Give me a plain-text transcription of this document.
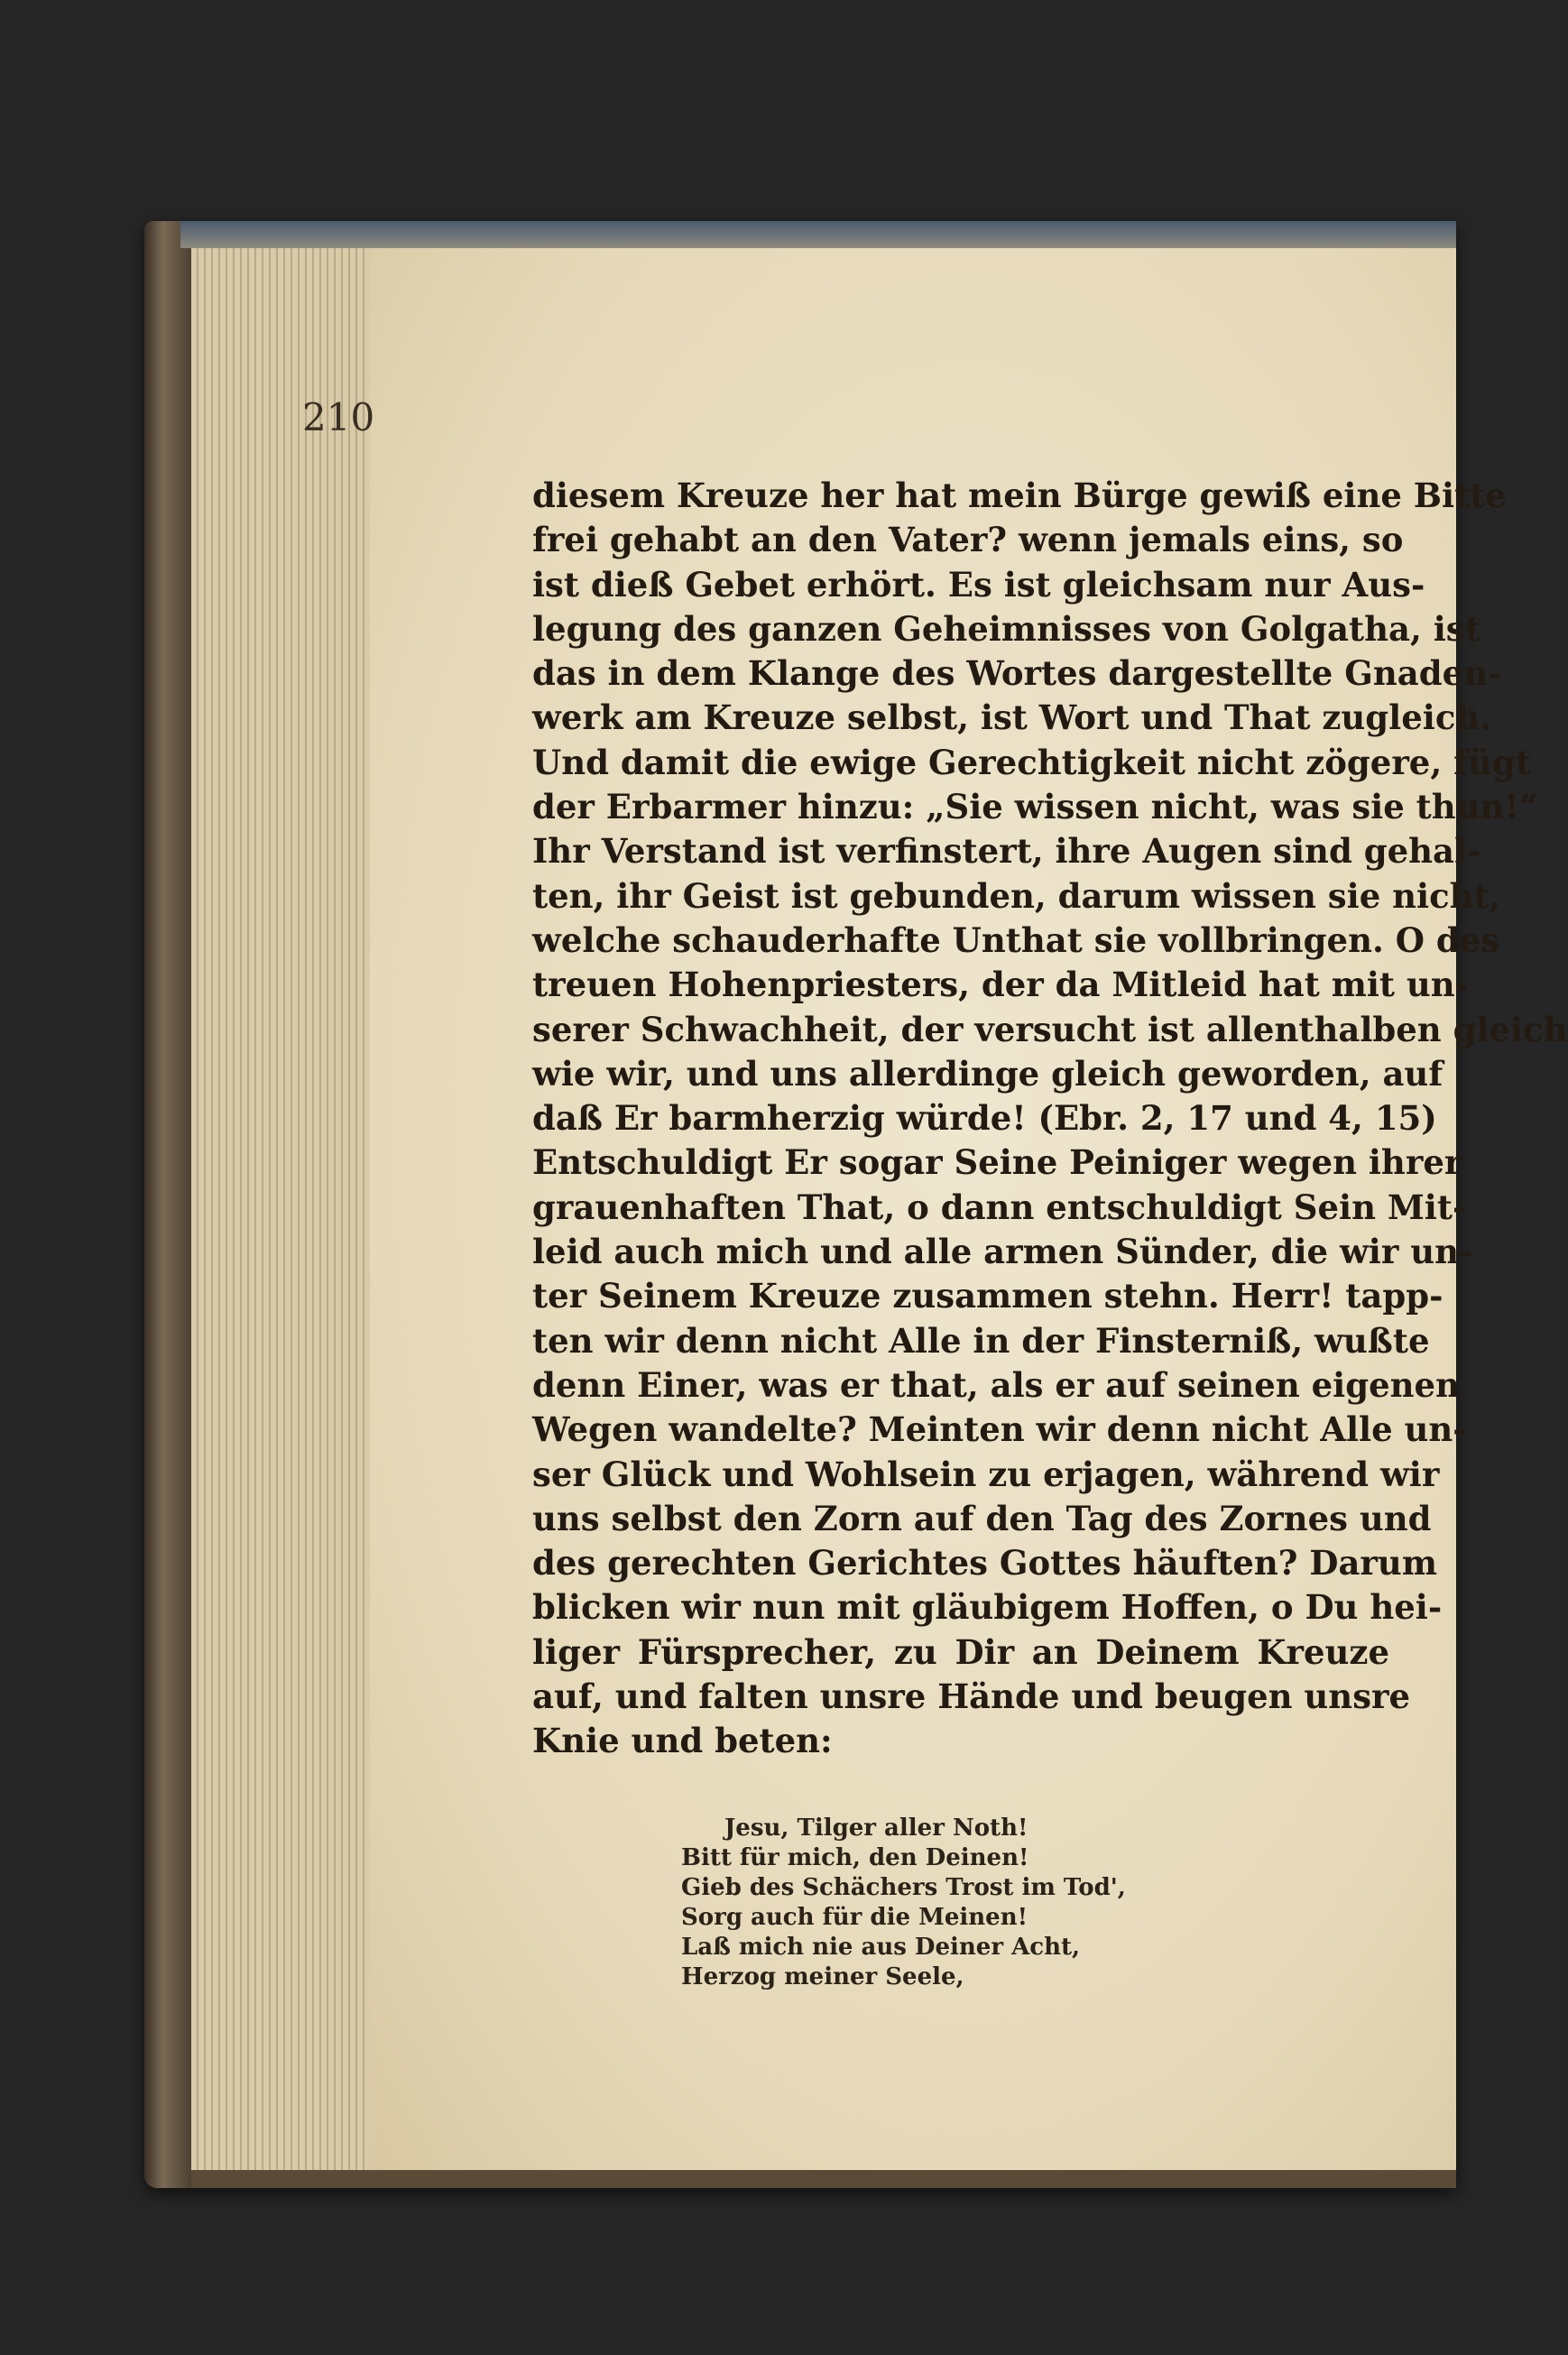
210
diesem Kreuze her hat mein Bürge gewiß eine Bitte
frei gehabt an den Vater? wenn jemals eins, so
ist dieß Gebet erhört. Es ist gleichsam nur Aus-
legung des ganzen Geheimnisses von Golgatha, ist
das in dem Klange des Wortes dargestellte Gnaden-
werk am Kreuze selbst, ist Wort und That zugleich.
Und damit die ewige Gerechtigkeit nicht zögere, fügt
der Erbarmer hinzu: „Sie wissen nicht, was sie thun!“
Ihr Verstand ist verfinstert, ihre Augen sind gehal-
ten, ihr Geist ist gebunden, darum wissen sie nicht,
welche schauderhafte Unthat sie vollbringen. O des
treuen Hohenpriesters, der da Mitleid hat mit un-
serer Schwachheit, der versucht ist allenthalben gleich
wie wir, und uns allerdinge gleich geworden, auf
daß Er barmherzig würde! (Ebr. 2, 17 und 4, 15)
Entschuldigt Er sogar Seine Peiniger wegen ihrer
grauenhaften That, o dann entschuldigt Sein Mit-
leid auch mich und alle armen Sünder, die wir un-
ter Seinem Kreuze zusammen stehn. Herr! tapp-
ten wir denn nicht Alle in der Finsterniß, wußte
denn Einer, was er that, als er auf seinen eigenen
Wegen wandelte? Meinten wir denn nicht Alle un-
ser Glück und Wohlsein zu erjagen, während wir
uns selbst den Zorn auf den Tag des Zornes und
des gerechten Gerichtes Gottes häuften? Darum
blicken wir nun mit gläubigem Hoffen, o Du hei-
liger Fürsprecher, zu Dir an Deinem Kreuze
auf, und falten unsre Hände und beugen unsre
Knie und beten:
Jesu, Tilger aller Noth!
Bitt für mich, den Deinen!
Gieb des Schächers Trost im Tod',
Sorg auch für die Meinen!
Laß mich nie aus Deiner Acht,
Herzog meiner Seele,
